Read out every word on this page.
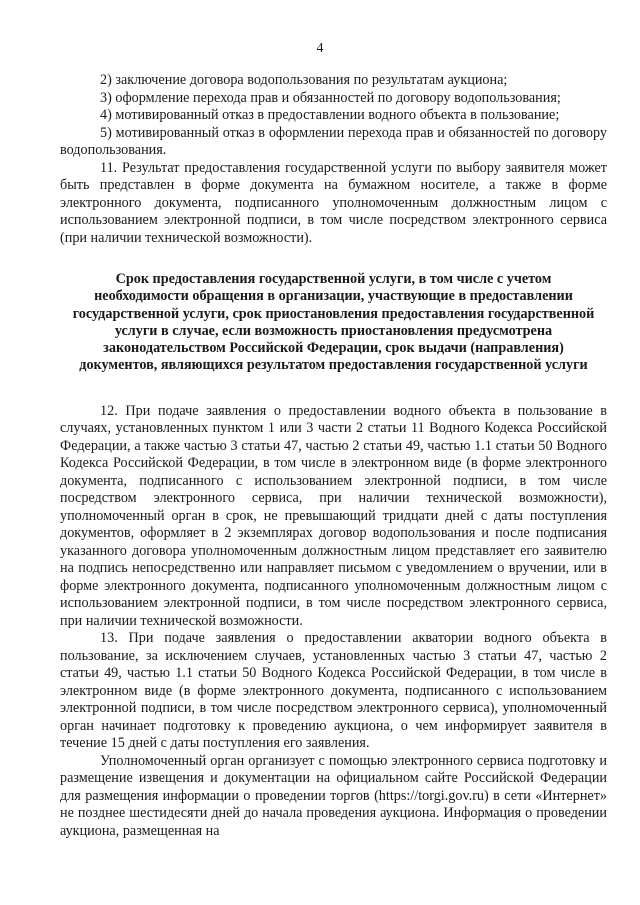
4

2) заключение договора водопользования по результатам аукциона;

3) оформление перехода прав и обязанностей по договору водопользования;

4) мотивированный отказ в предоставлении водного объекта в пользование;

5) мотивированный отказ в оформлении перехода прав и обязанностей по договору водопользования.

11. Результат предоставления государственной услуги по выбору заявителя может быть представлен в форме документа на бумажном носителе, а также в форме электронного документа, подписанного уполномоченным должностным лицом с использованием электронной подписи, в том числе посредством электронного сервиса (при наличии технической возможности).

Срок предоставления государственной услуги, в том числе с учетом необходимости обращения в организации, участвующие в предоставлении государственной услуги, срок приостановления предоставления государственной услуги в случае, если возможность приостановления предусмотрена законодательством Российской Федерации, срок выдачи (направления) документов, являющихся результатом предоставления государственной услуги

12. При подаче заявления о предоставлении водного объекта в пользование в случаях, установленных пунктом 1 или 3 части 2 статьи 11 Водного Кодекса Российской Федерации, а также частью 3 статьи 47, частью 2 статьи 49, частью 1.1 статьи 50 Водного Кодекса Российской Федерации, в том числе в электронном виде (в форме электронного документа, подписанного с использованием электронной подписи, в том числе посредством электронного сервиса, при наличии технической возможности), уполномоченный орган в срок, не превышающий тридцати дней с даты поступления документов, оформляет в 2 экземплярах договор водопользования и после подписания указанного договора уполномоченным должностным лицом представляет его заявителю на подпись непосредственно или направляет письмом с уведомлением о вручении, или в форме электронного документа, подписанного уполномоченным должностным лицом с использованием электронной подписи, в том числе посредством электронного сервиса, при наличии технической возможности.

13. При подаче заявления о предоставлении акватории водного объекта в пользование, за исключением случаев, установленных частью 3 статьи 47, частью 2 статьи 49, частью 1.1 статьи 50 Водного Кодекса Российской Федерации, в том числе в электронном виде (в форме электронного документа, подписанного с использованием электронной подписи, в том числе посредством электронного сервиса), уполномоченный орган начинает подготовку к проведению аукциона, о чем информирует заявителя в течение 15 дней с даты поступления его заявления.

Уполномоченный орган организует с помощью электронного сервиса подготовку и размещение извещения и документации на официальном сайте Российской Федерации для размещения информации о проведении торгов (https://torgi.gov.ru) в сети «Интернет» не позднее шестидесяти дней до начала проведения аукциона. Информация о проведении аукциона, размещенная на
